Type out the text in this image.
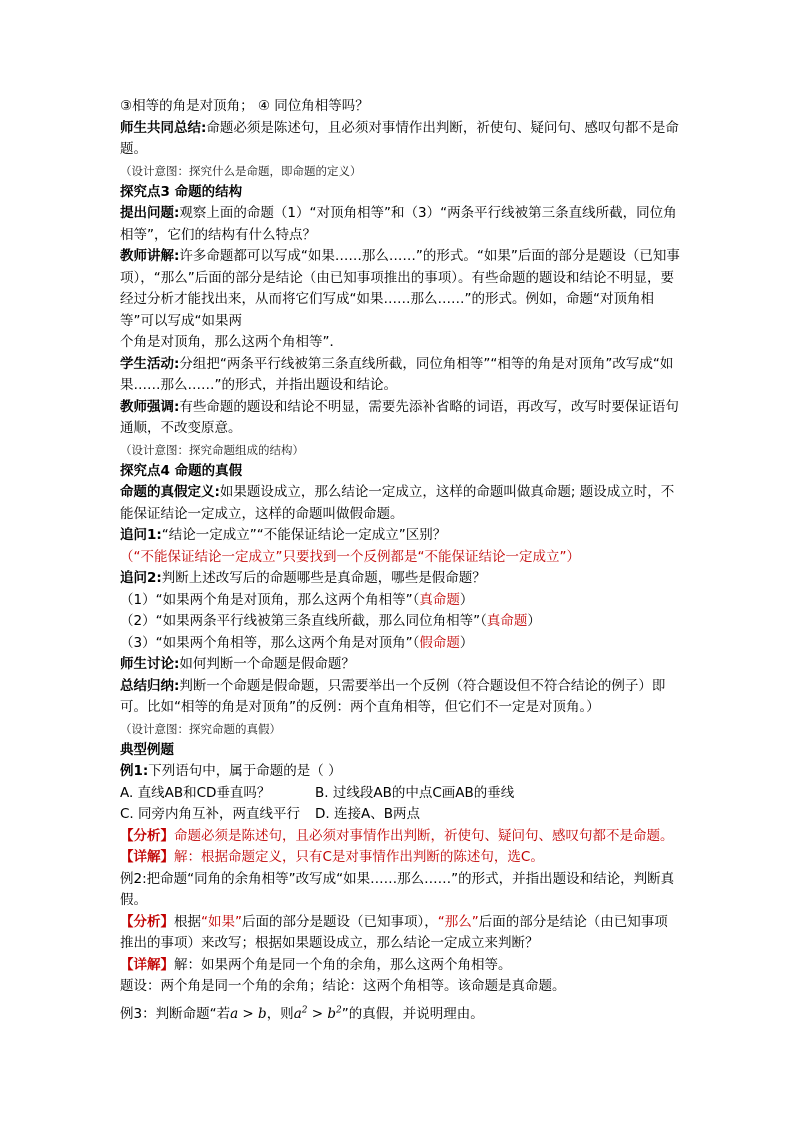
③相等的角是对顶角； ④ 同位角相等吗？

师生共同总结:命题必须是陈述句，且必须对事情作出判断，祈使句、疑问句、感叹句都不是命题。

（设计意图：探究什么是命题，即命题的定义）

探究点3 命题的结构

提出问题:观察上面的命题（1）“对顶角相等”和（3）“两条平行线被第三条直线所截，同位角相等”，它们的结构有什么特点？

教师讲解:许多命题都可以写成“如果……那么……”的形式。“如果”后面的部分是题设（已知事项），“那么”后面的部分是结论（由已知事项推出的事项）。有些命题的题设和结论不明显，要经过分析才能找出来，从而将它们写成“如果……那么……”的形式。例如，命题“对顶角相等”可以写成“如果两

个角是对顶角，那么这两个角相等”．

学生活动:分组把“两条平行线被第三条直线所截，同位角相等”“相等的角是对顶角”改写成“如果……那么……”的形式，并指出题设和结论。

教师强调:有些命题的题设和结论不明显，需要先添补省略的词语，再改写，改写时要保证语句通顺，不改变原意。

（设计意图：探究命题组成的结构）

探究点4 命题的真假

命题的真假定义:如果题设成立，那么结论一定成立，这样的命题叫做真命题; 题设成立时，不能保证结论一定成立，这样的命题叫做假命题。

追问1:“结论一定成立”“不能保证结论一定成立”区别？

（“不能保证结论一定成立”只要找到一个反例都是“不能保证结论一定成立”）

追问2:判断上述改写后的命题哪些是真命题，哪些是假命题？

（1）“如果两个角是对顶角，那么这两个角相等”（真命题）

（2）“如果两条平行线被第三条直线所截，那么同位角相等”（真命题）

（3）“如果两个角相等，那么这两个角是对顶角”（假命题）

师生讨论:如何判断一个命题是假命题？

总结归纳:判断一个命题是假命题，只需要举出一个反例（符合题设但不符合结论的例子）即可。比如“相等的角是对顶角”的反例：两个直角相等，但它们不一定是对顶角。）

（设计意图：探究命题的真假）

典型例题

例1:下列语句中，属于命题的是（ ）

A. 直线AB和CD垂直吗？	B. 过线段AB的中点C画AB的垂线

C. 同旁内角互补，两直线平行 D. 连接A、B两点

【分析】命题必须是陈述句，且必须对事情作出判断，祈使句、疑问句、感叹句都不是命题。

【详解】解：根据命题定义，只有C是对事情作出判断的陈述句，选C。

例2:把命题“同角的余角相等”改写成“如果……那么……”的形式，并指出题设和结论，判断真假。

【分析】根据“如果”后面的部分是题设（已知事项），“那么”后面的部分是结论（由已知事项推出的事项）来改写；根据如果题设成立，那么结论一定成立来判断？

【详解】解：如果两个角是同一个角的余角，那么这两个角相等。

题设：两个角是同一个角的余角；结论：这两个角相等。该命题是真命题。

例3：判断命题“若a > b，则$a^2 > b^2$”的真假，并说明理由。
